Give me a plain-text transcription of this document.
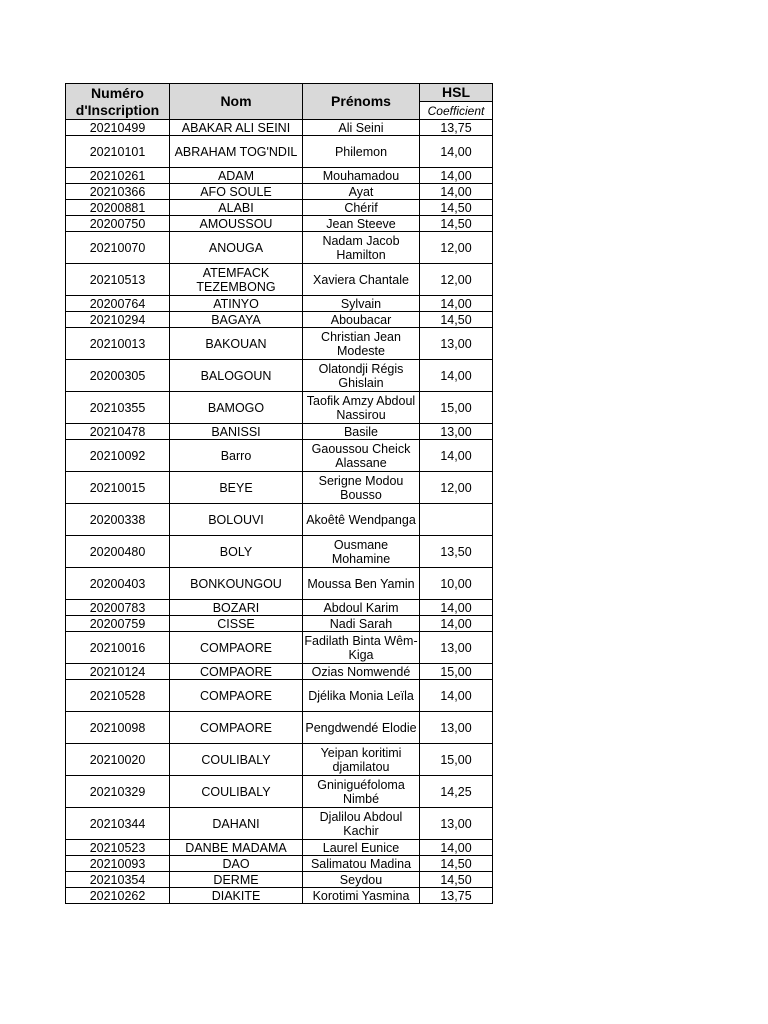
Numéro d'Inscription	Nom	Prénoms	HSL
			Coefficient
20210499	ABAKAR ALI SEINI	Ali Seini	13,75
20210101	ABRAHAM TOG'NDIL	Philemon	14,00
20210261	ADAM	Mouhamadou	14,00
20210366	AFO SOULE	Ayat	14,00
20200881	ALABI	Chérif	14,50
20200750	AMOUSSOU	Jean Steeve	14,50
20210070	ANOUGA	Nadam Jacob Hamilton	12,00
20210513	ATEMFACK TEZEMBONG	Xaviera Chantale	12,00
20200764	ATINYO	Sylvain	14,00
20210294	BAGAYA	Aboubacar	14,50
20210013	BAKOUAN	Christian Jean Modeste	13,00
20200305	BALOGOUN	Olatondji Régis Ghislain	14,00
20210355	BAMOGO	Taofik Amzy Abdoul Nassirou	15,00
20210478	BANISSI	Basile	13,00
20210092	Barro	Gaoussou Cheick Alassane	14,00
20210015	BEYE	Serigne Modou Bousso	12,00
20200338	BOLOUVI	Akoêtê Wendpanga	
20200480	BOLY	Ousmane Mohamine	13,50
20200403	BONKOUNGOU	Moussa Ben Yamin	10,00
20200783	BOZARI	Abdoul Karim	14,00
20200759	CISSE	Nadi Sarah	14,00
20210016	COMPAORE	Fadilath Binta Wêm-Kiga	13,00
20210124	COMPAORE	Ozias Nomwendé	15,00
20210528	COMPAORE	Djélika Monia Leïla	14,00
20210098	COMPAORE	Pengdwendé Elodie	13,00
20210020	COULIBALY	Yeipan koritimi djamilatou	15,00
20210329	COULIBALY	Gniniguéfoloma Nimbé	14,25
20210344	DAHANI	Djalilou Abdoul Kachir	13,00
20210523	DANBE MADAMA	Laurel Eunice	14,00
20210093	DAO	Salimatou Madina	14,50
20210354	DERME	Seydou	14,50
20210262	DIAKITE	Korotimi Yasmina	13,75
